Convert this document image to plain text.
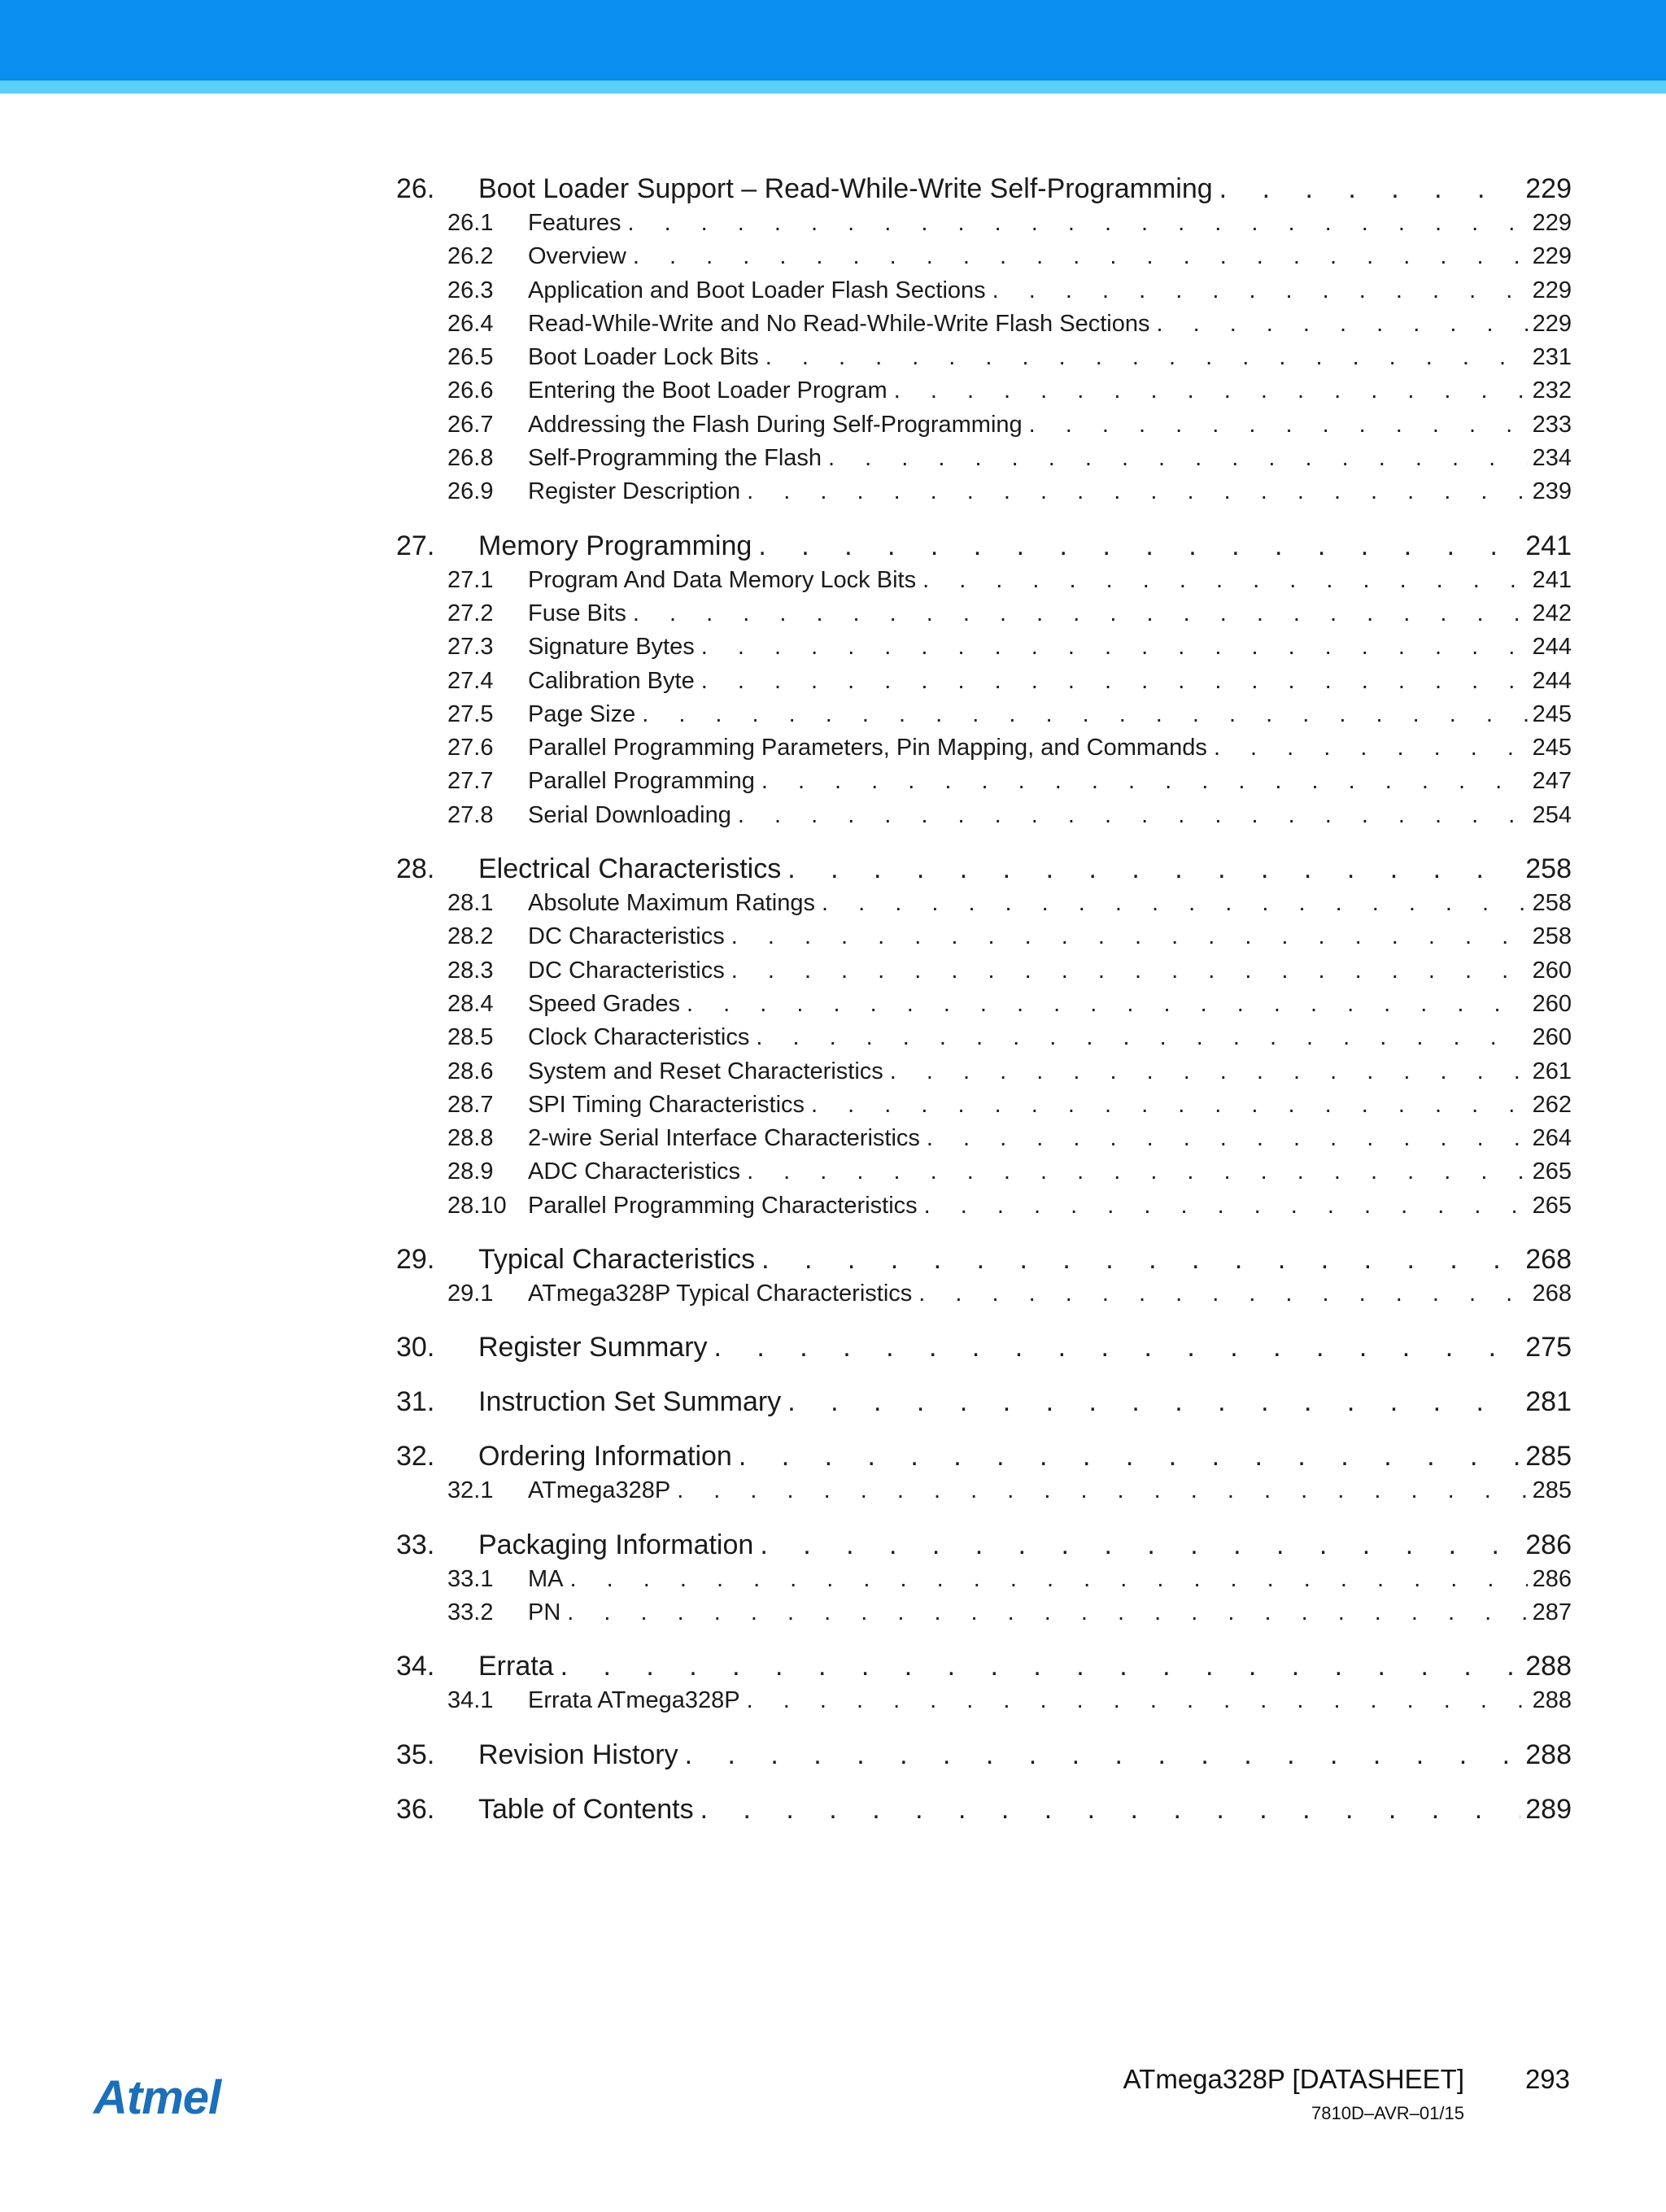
26.	Boot Loader Support – Read-While-Write Self-Programming . . .	229
26.1	Features . . .	229
26.2	Overview . . .	229
26.3	Application and Boot Loader Flash Sections . . .	229
26.4	Read-While-Write and No Read-While-Write Flash Sections . . .	229
26.5	Boot Loader Lock Bits . . .	231
26.6	Entering the Boot Loader Program . . .	232
26.7	Addressing the Flash During Self-Programming . . .	233
26.8	Self-Programming the Flash . . .	234
26.9	Register Description . . .	239
27.	Memory Programming . . .	241
27.1	Program And Data Memory Lock Bits . . .	241
27.2	Fuse Bits . . .	242
27.3	Signature Bytes . . .	244
27.4	Calibration Byte . . .	244
27.5	Page Size . . .	245
27.6	Parallel Programming Parameters, Pin Mapping, and Commands . . .	245
27.7	Parallel Programming . . .	247
27.8	Serial Downloading . . .	254
28.	Electrical Characteristics . . .	258
28.1	Absolute Maximum Ratings . . .	258
28.2	DC Characteristics . . .	258
28.3	DC Characteristics . . .	260
28.4	Speed Grades . . .	260
28.5	Clock Characteristics . . .	260
28.6	System and Reset Characteristics . . .	261
28.7	SPI Timing Characteristics . . .	262
28.8	2-wire Serial Interface Characteristics . . .	264
28.9	ADC Characteristics . . .	265
28.10 Parallel Programming Characteristics . . .	265
29.	Typical Characteristics . . .	268
29.1	ATmega328P Typical Characteristics . . .	268
30.	Register Summary . . .	275
31.	Instruction Set Summary . . .	281
32.	Ordering Information . . .	285
32.1	ATmega328P . . .	285
33.	Packaging Information . . .	286
33.1	MA . . .	286
33.2	PN . . .	287
34.	Errata . . .	288
34.1	Errata ATmega328P . . .	288
35.	Revision History . . .	288
36.	Table of Contents . . .	289
Atmel	ATmega328P [DATASHEET] 293
7810D–AVR–01/15
